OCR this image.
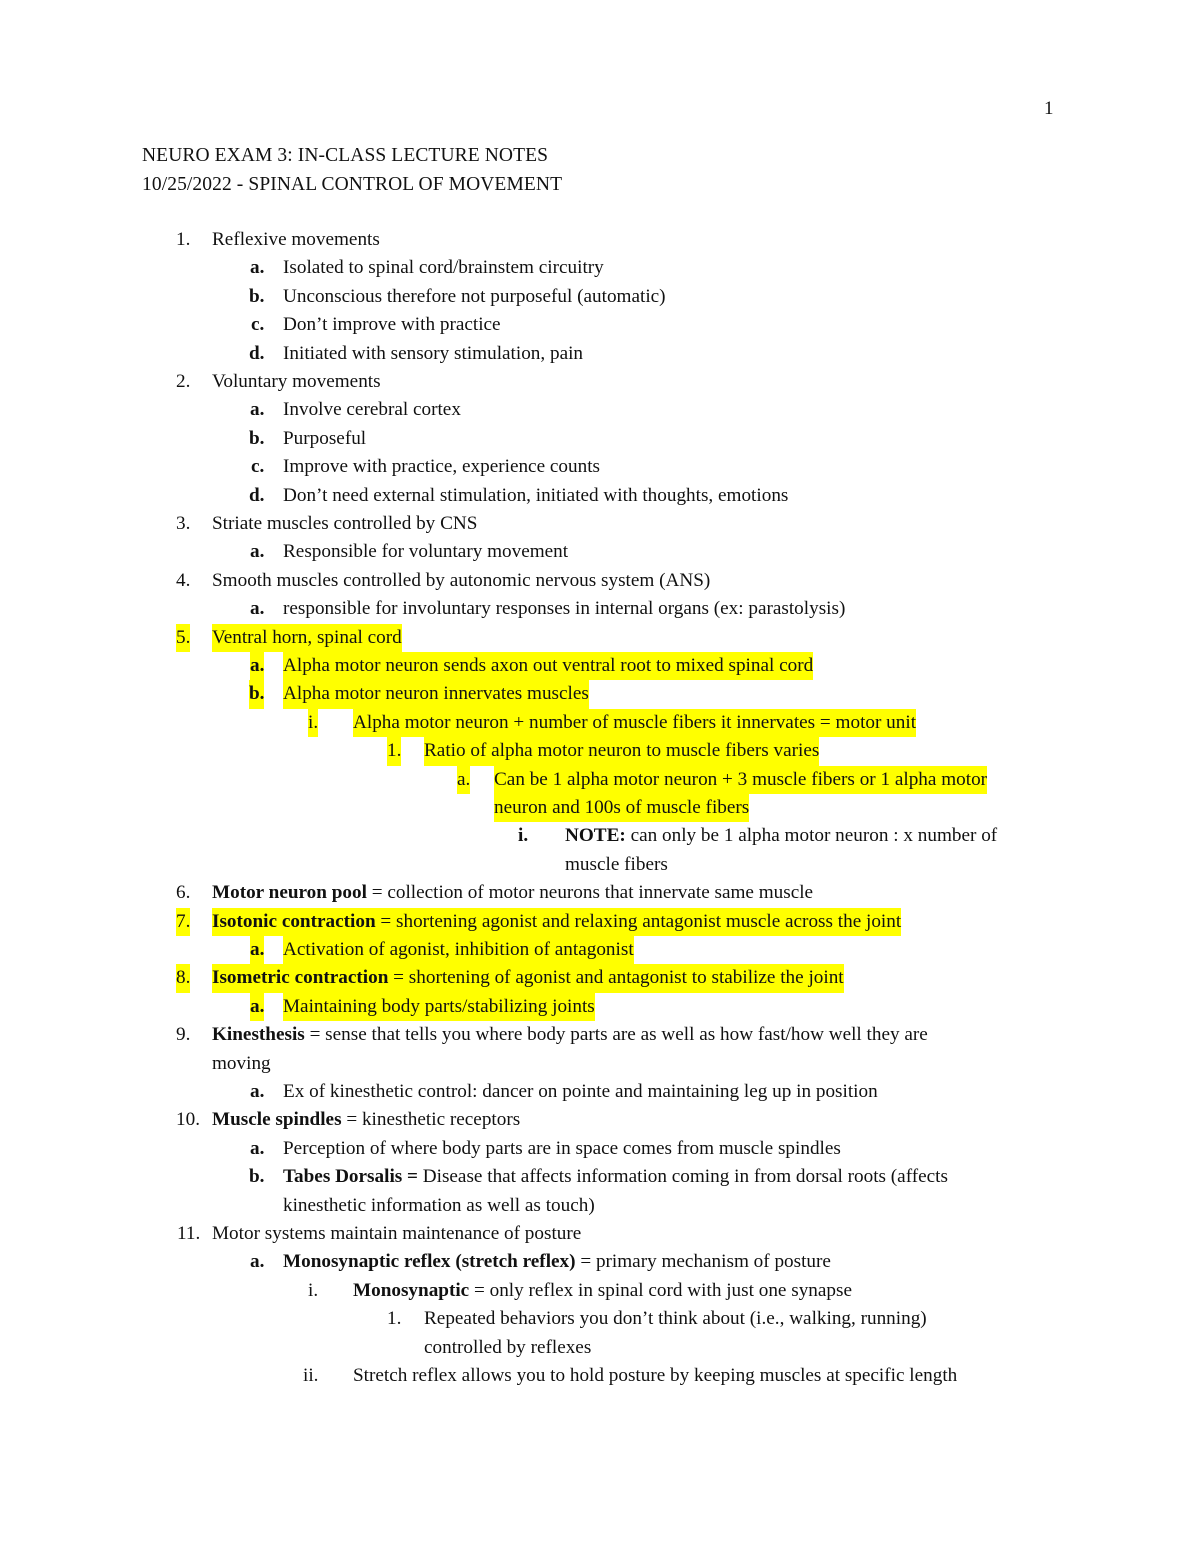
1
NEURO EXAM 3: IN-CLASS LECTURE NOTES
10/25/2022 - SPINAL CONTROL OF MOVEMENT
1. Reflexive movements
a. Isolated to spinal cord/brainstem circuitry
b. Unconscious therefore not purposeful (automatic)
c. Don’t improve with practice
d. Initiated with sensory stimulation, pain
2. Voluntary movements
a. Involve cerebral cortex
b. Purposeful
c. Improve with practice, experience counts
d. Don’t need external stimulation, initiated with thoughts, emotions
3. Striate muscles controlled by CNS
a. Responsible for voluntary movement
4. Smooth muscles controlled by autonomic nervous system (ANS)
a. responsible for involuntary responses in internal organs (ex: parastolysis)
5. Ventral horn, spinal cord
a. Alpha motor neuron sends axon out ventral root to mixed spinal cord
b. Alpha motor neuron innervates muscles
i. Alpha motor neuron + number of muscle fibers it innervates = motor unit
1. Ratio of alpha motor neuron to muscle fibers varies
a. Can be 1 alpha motor neuron + 3 muscle fibers or 1 alpha motor
neuron and 100s of muscle fibers
i. NOTE: can only be 1 alpha motor neuron : x number of
muscle fibers
6. Motor neuron pool = collection of motor neurons that innervate same muscle
7. Isotonic contraction = shortening agonist and relaxing antagonist muscle across the joint
a. Activation of agonist, inhibition of antagonist
8. Isometric contraction = shortening of agonist and antagonist to stabilize the joint
a. Maintaining body parts/stabilizing joints
9. Kinesthesis = sense that tells you where body parts are as well as how fast/how well they are
moving
a. Ex of kinesthetic control: dancer on pointe and maintaining leg up in position
10. Muscle spindles = kinesthetic receptors
a. Perception of where body parts are in space comes from muscle spindles
b. Tabes Dorsalis = Disease that affects information coming in from dorsal roots (affects
kinesthetic information as well as touch)
11. Motor systems maintain maintenance of posture
a. Monosynaptic reflex (stretch reflex) = primary mechanism of posture
i. Monosynaptic = only reflex in spinal cord with just one synapse
1. Repeated behaviors you don’t think about (i.e., walking, running)
controlled by reflexes
ii. Stretch reflex allows you to hold posture by keeping muscles at specific length
